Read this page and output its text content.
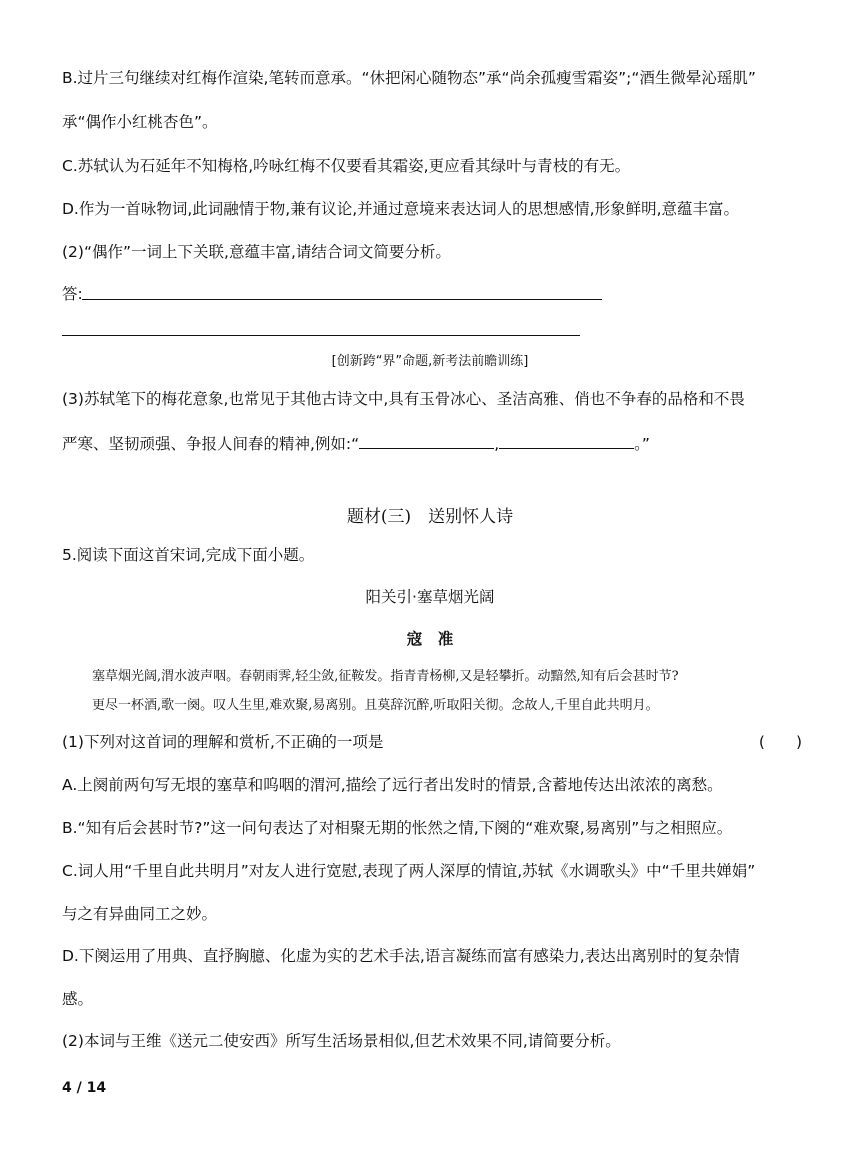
B.过片三句继续对红梅作渲染,笔转而意承。“休把闲心随物态”承“尚余孤瘦雪霜姿”;“酒生微晕沁瑶肌”
承“偶作小红桃杏色”。
C.苏轼认为石延年不知梅格,吟咏红梅不仅要看其霜姿,更应看其绿叶与青枝的有无。
D.作为一首咏物词,此词融情于物,兼有议论,并通过意境来表达词人的思想感情,形象鲜明,意蕴丰富。
(2)“偶作”一词上下关联,意蕴丰富,请结合词文简要分析。
答:
[创新跨“界”命题,新考法前瞻训练]
(3)苏轼笔下的梅花意象,也常见于其他古诗文中,具有玉骨冰心、圣洁高雅、俏也不争春的品格和不畏
严寒、坚韧顽强、争报人间春的精神,例如:“	,	。”
题材(三)　送别怀人诗
5.阅读下面这首宋词,完成下面小题。
阳关引·塞草烟光阔
寇　准
塞草烟光阔,渭水波声咽。春朝雨霁,轻尘敛,征鞍发。指青青杨柳,又是轻攀折。动黯然,知有后会甚时节?
更尽一杯酒,歌一阕。叹人生里,难欢聚,易离别。且莫辞沉醉,听取阳关彻。念故人,千里自此共明月。
(1)下列对这首词的理解和赏析,不正确的一项是	(　　)
A.上阕前两句写无垠的塞草和呜咽的渭河,描绘了远行者出发时的情景,含蓄地传达出浓浓的离愁。
B.“知有后会甚时节?”这一问句表达了对相聚无期的怅然之情,下阕的“难欢聚,易离别”与之相照应。
C.词人用“千里自此共明月”对友人进行宽慰,表现了两人深厚的情谊,苏轼《水调歌头》中“千里共婵娟”
与之有异曲同工之妙。
D.下阕运用了用典、直抒胸臆、化虚为实的艺术手法,语言凝练而富有感染力,表达出离别时的复杂情
感。
(2)本词与王维《送元二使安西》所写生活场景相似,但艺术效果不同,请简要分析。
4 / 14
